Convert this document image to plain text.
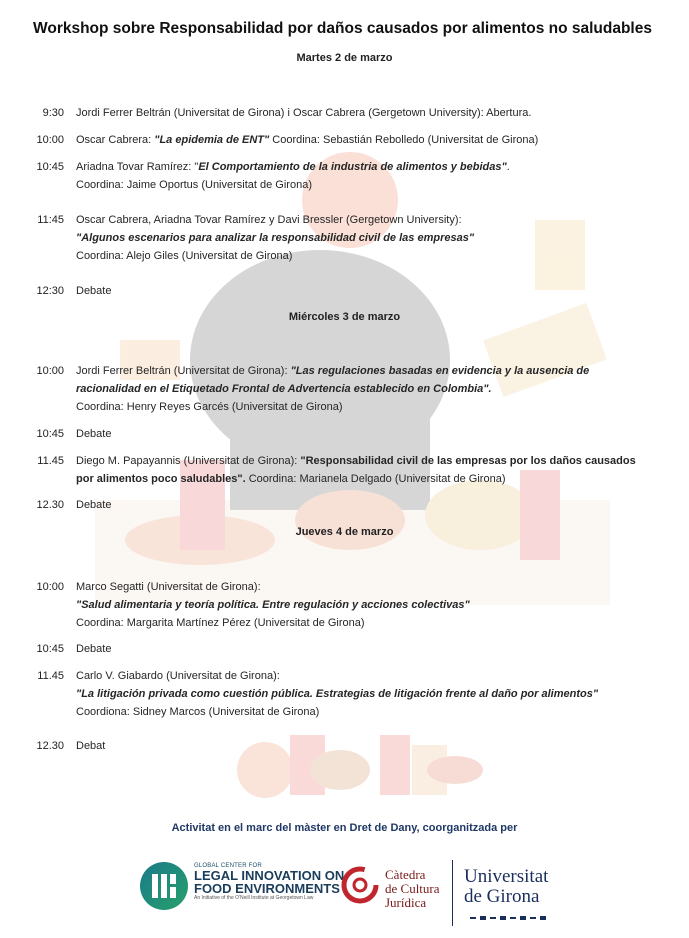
Workshop sobre Responsabilidad por daños causados por alimentos no saludables
Martes 2 de marzo
9:30 Jordi Ferrer Beltrán (Universitat de Girona) i Oscar Cabrera (Gergetown University): Abertura.
10:00 Oscar Cabrera: "La epidemia de ENT" Coordina: Sebastián Rebolledo (Universitat de Girona)
10:45 Ariadna Tovar Ramírez: "El Comportamiento de la industria de alimentos y bebidas".
Coordina: Jaime Oportus (Universitat de Girona)
11:45 Oscar Cabrera, Ariadna Tovar Ramírez y Davi Bressler (Gergetown University):
"Algunos escenarios para analizar la responsabilidad civil de las empresas"
Coordina: Alejo Giles (Universitat de Girona)
12:30 Debate
Miércoles 3 de marzo
10:00 Jordi Ferrer Beltrán (Universitat de Girona): "Las regulaciones basadas en evidencia y la ausencia de
racionalidad en el Etiquetado Frontal de Advertencia establecido en Colombia".
Coordina: Henry Reyes Garcés (Universitat de Girona)
10:45 Debate
11.45 Diego M. Papayannis (Universitat de Girona): "Responsabilidad civil de las empresas por los daños causados
por alimentos poco saludables". Coordina: Marianela Delgado (Universitat de Girona)
12.30 Debate
Jueves 4 de marzo
10:00 Marco Segatti (Universitat de Girona):
"Salud alimentaria y teoría política. Entre regulación y acciones colectivas"
Coordina: Margarita Martínez Pérez (Universitat de Girona)
10:45 Debate
11.45 Carlo V. Giabardo (Universitat de Girona):
"La litigación privada como cuestión pública. Estrategias de litigación frente al daño por alimentos"
Coordiona: Sidney Marcos (Universitat de Girona)
12.30 Debat
Activitat en el marc del màster en Dret de Dany, coorganitzada per
GLOBAL CENTER FOR
LEGAL INNOVATION ON
FOOD ENVIRONMENTS
An Initiative of the O'Neill Institute at Georgetown Law
Càtedra
de Cultura
Jurídica
Universitat
de Girona
